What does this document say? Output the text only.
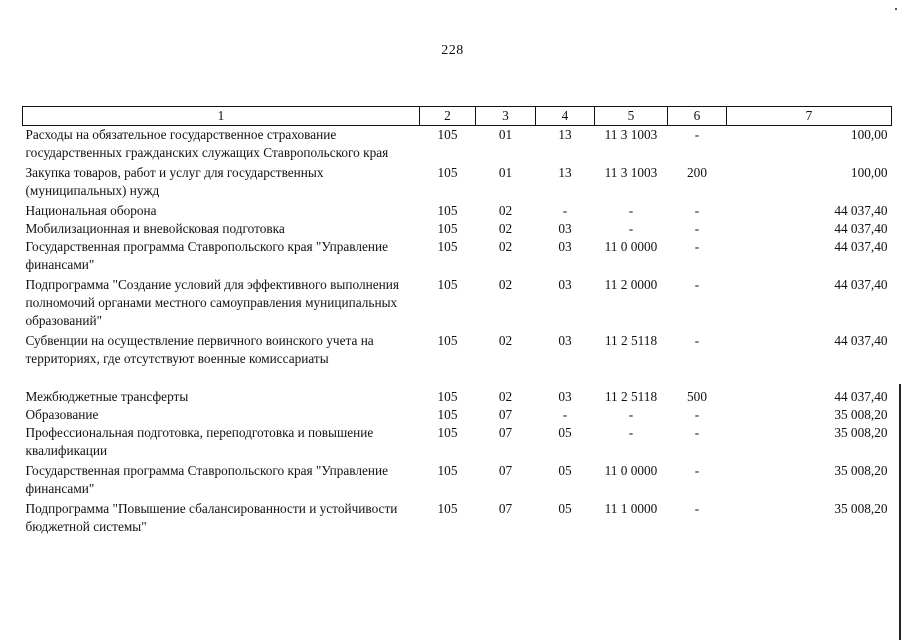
228
1	2	3	4	5	6	7
Расходы на обязательное государственное страхование государственных гражданских служащих Ставропольского края	105	01	13	11 3 1003	-	100,00
Закупка товаров, работ и услуг для государственных (муниципальных) нужд	105	01	13	11 3 1003	200	100,00
Национальная оборона	105	02	-	-	-	44 037,40
Мобилизационная и вневойсковая подготовка	105	02	03	-	-	44 037,40
Государственная программа Ставропольского края "Управление финансами"	105	02	03	11 0 0000	-	44 037,40
Подпрограмма "Создание условий для эффективного выполнения полномочий органами местного самоуправления муниципальных образований"	105	02	03	11 2 0000	-	44 037,40
Субвенции на осуществление первичного воинского учета на территориях, где отсутствуют военные комиссариаты	105	02	03	11 2 5118	-	44 037,40
Межбюджетные трансферты	105	02	03	11 2 5118	500	44 037,40
Образование	105	07	-	-	-	35 008,20
Профессиональная подготовка, переподготовка и повышение квалификации	105	07	05	-	-	35 008,20
Государственная программа Ставропольского края "Управление финансами"	105	07	05	11 0 0000	-	35 008,20
Подпрограмма "Повышение сбалансированности и устойчивости бюджетной системы"	105	07	05	11 1 0000	-	35 008,20
